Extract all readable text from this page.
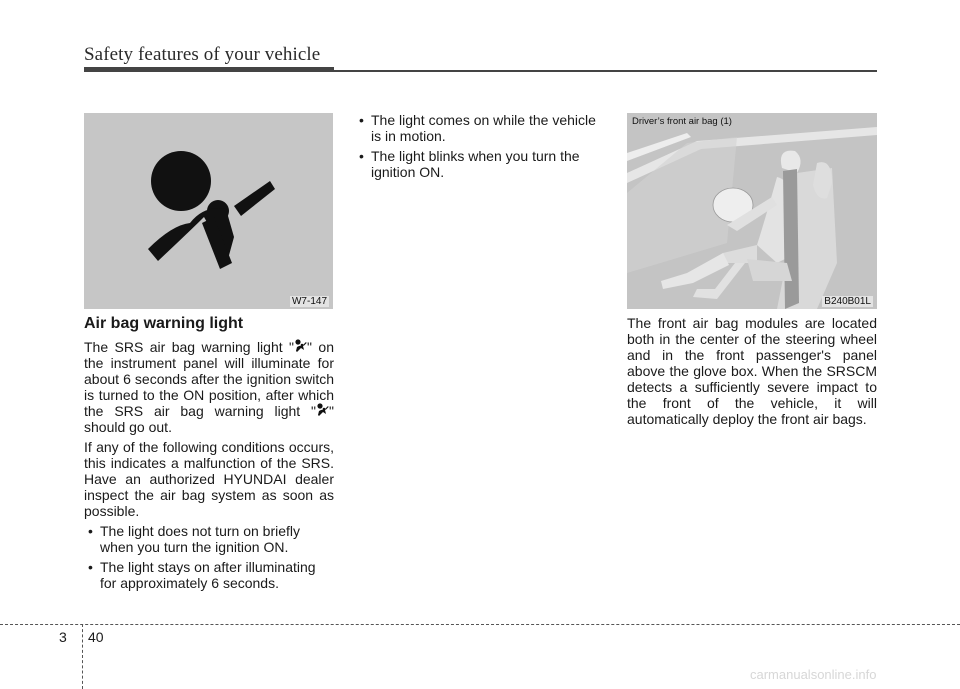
Safety features of your vehicle
W7-147
Driver’s front air bag (1)
B240B01L
Air bag warning light

The SRS air bag warning light " " on the instrument panel will illuminate for about 6 seconds after the ignition switch is turned to the ON position, after which the SRS air bag warning light " " should go out.

If any of the following conditions occurs, this indicates a malfunction of the SRS. Have an authorized HYUNDAI dealer inspect the air bag system as soon as possible.

• The light does not turn on briefly when you turn the ignition ON.
• The light stays on after illuminating for approximately 6 seconds.
• The light comes on while the vehicle is in motion.
• The light blinks when you turn the ignition ON.

The front air bag modules are located both in the center of the steering wheel and in the front passenger's panel above the glove box. When the SRSCM detects a sufficiently severe impact to the front of the vehicle, it will automatically deploy the front air bags.

3 40
carmanualsonline.info
